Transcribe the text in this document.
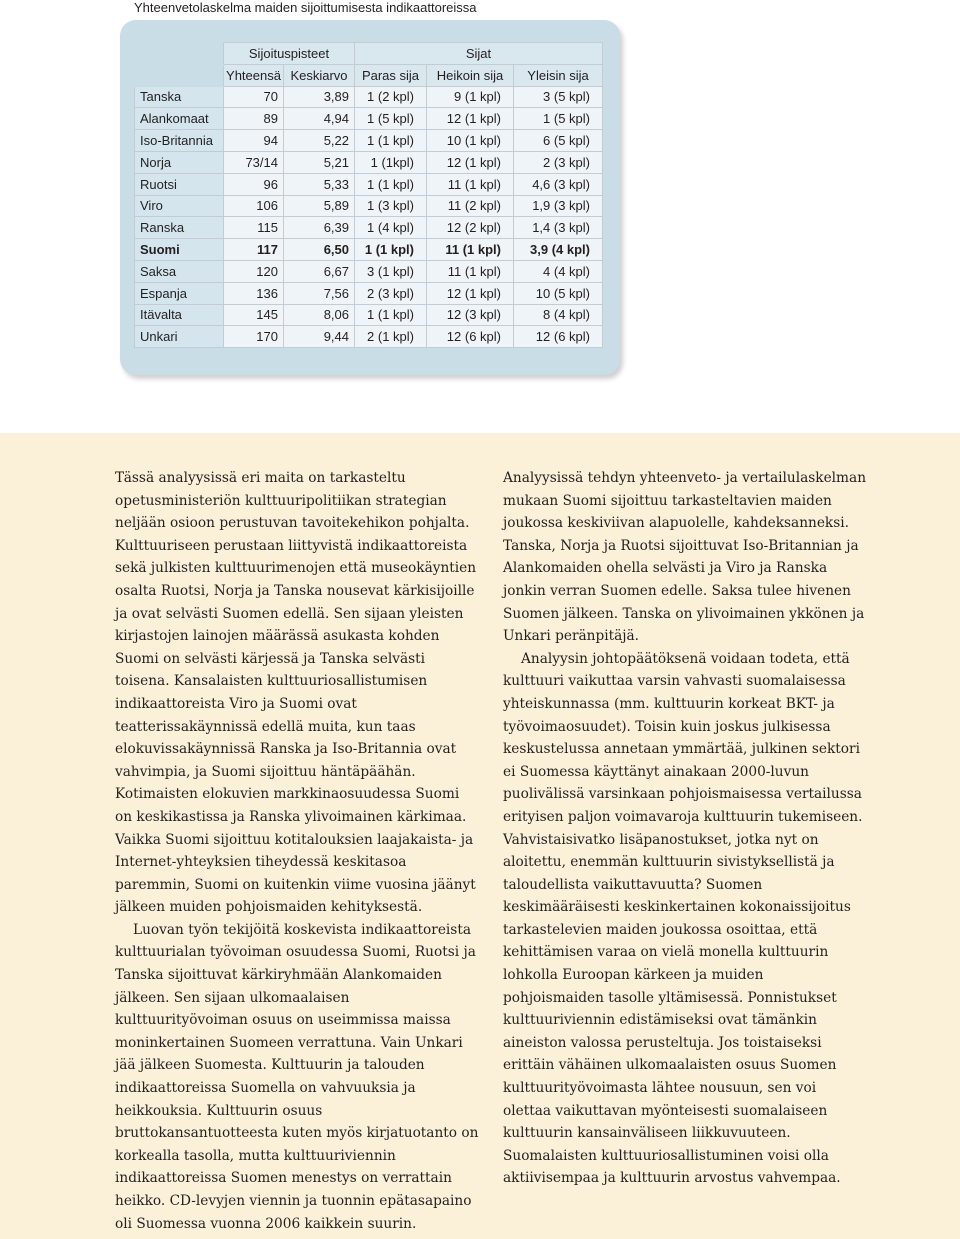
Yhteenvetolaskelma maiden sijoittumisesta indikaattoreissa
	Sijoituspisteet		Sijat		
	Yhteensä	Keskiarvo	Paras sija	Heikoin sija	Yleisin sija
Tanska	70	3,89	1 (2 kpl)	9 (1 kpl)	3 (5 kpl)
Alankomaat	89	4,94	1 (5 kpl)	12 (1 kpl)	1 (5 kpl)
Iso-Britannia	94	5,22	1 (1 kpl)	10 (1 kpl)	6 (5 kpl)
Norja	73/14	5,21	1 (1kpl)	12 (1 kpl)	2 (3 kpl)
Ruotsi	96	5,33	1 (1 kpl)	11 (1 kpl)	4,6 (3 kpl)
Viro	106	5,89	1 (3 kpl)	11 (2 kpl)	1,9 (3 kpl)
Ranska	115	6,39	1 (4 kpl)	12 (2 kpl)	1,4 (3 kpl)
Suomi	117	6,50	1 (1 kpl)	11 (1 kpl)	3,9 (4 kpl)
Saksa	120	6,67	3 (1 kpl)	11 (1 kpl)	4 (4 kpl)
Espanja	136	7,56	2 (3 kpl)	12 (1 kpl)	10 (5 kpl)
Itävalta	145	8,06	1 (1 kpl)	12 (3 kpl)	8 (4 kpl)
Unkari	170	9,44	2 (1 kpl)	12 (6 kpl)	12 (6 kpl)

Tässä analyysissä eri maita on tarkasteltu opetusministeriön kulttuuripolitiikan strategian neljään osioon perustuvan tavoitekehikon pohjalta. Kulttuuriseen perustaan liittyvistä indikaattoreista sekä julkisten kulttuurimenojen että museokäyntien osalta Ruotsi, Norja ja Tanska nousevat kärkisijoille ja ovat selvästi Suomen edellä. Sen sijaan yleisten kirjastojen lainojen määrässä asukasta kohden Suomi on selvästi kärjessä ja Tanska selvästi toisena. Kansalaisten kulttuuriosallistumisen indikaattoreista Viro ja Suomi ovat teatterissakäynnissä edellä muita, kun taas elokuvissakäynnissä Ranska ja Iso-Britannia ovat vahvimpia, ja Suomi sijoittuu häntäpäähän. Kotimaisten elokuvien markkinaosuudessa Suomi on keskikastissa ja Ranska ylivoimainen kärkimaa. Vaikka Suomi sijoittuu kotitalouksien laajakaista- ja Internet-yhteyksien tiheydessä keskitasoa paremmin, Suomi on kuitenkin viime vuosina jäänyt jälkeen muiden pohjoismaiden kehityksestä.

Luovan työn tekijöitä koskevista indikaattoreista kulttuurialan työvoiman osuudessa Suomi, Ruotsi ja Tanska sijoittuvat kärkiryhmään Alankomaiden jälkeen. Sen sijaan ulkomaalaisen kulttuurityövoiman osuus on useimmissa maissa moninkertainen Suomeen verrattuna. Vain Unkari jää jälkeen Suomesta. Kulttuurin ja talouden indikaattoreissa Suomella on vahvuuksia ja heikkouksia. Kulttuurin osuus bruttokansantuotteesta kuten myös kirjatuotanto on korkealla tasolla, mutta kulttuuriviennin indikaattoreissa Suomen menestys on verrattain heikko. CD-levyjen viennin ja tuonnin epätasapaino oli Suomessa vuonna 2006 kaikkein suurin.

Analyysissä tehdyn yhteenveto- ja vertailulaskelman mukaan Suomi sijoittuu tarkasteltavien maiden joukossa keskiviivan alapuolelle, kahdeksanneksi. Tanska, Norja ja Ruotsi sijoittuvat Iso-Britannian ja Alankomaiden ohella selvästi ja Viro ja Ranska jonkin verran Suomen edelle. Saksa tulee hivenen Suomen jälkeen. Tanska on ylivoimainen ykkönen ja Unkari peränpitäjä.

Analyysin johtopäätöksenä voidaan todeta, että kulttuuri vaikuttaa varsin vahvasti suomalaisessa yhteiskunnassa (mm. kulttuurin korkeat BKT- ja työvoimaosuudet). Toisin kuin joskus julkisessa keskustelussa annetaan ymmärtää, julkinen sektori ei Suomessa käyttänyt ainakaan 2000-luvun puolivälissä varsinkaan pohjoismaisessa vertailussa erityisen paljon voimavaroja kulttuurin tukemiseen. Vahvistaisivatko lisäpanostukset, jotka nyt on aloitettu, enemmän kulttuurin sivistyksellistä ja taloudellista vaikuttavuutta? Suomen keskimääräisesti keskinkertainen kokonaissijoitus tarkastelevien maiden joukossa osoittaa, että kehittämisen varaa on vielä monella kulttuurin lohkolla Euroopan kärkeen ja muiden pohjoismaiden tasolle yltämisessä. Ponnistukset kulttuuriviennin edistämiseksi ovat tämänkin aineiston valossa perusteltuja. Jos toistaiseksi erittäin vähäinen ulkomaalaisten osuus Suomen kulttuurityövoimasta lähtee nousuun, sen voi olettaa vaikuttavan myönteisesti suomalaiseen kulttuurin kansainväliseen liikkuvuuteen. Suomalaisten kulttuuriosallistuminen voisi olla aktiivisempaa ja kulttuurin arvostus vahvempaa.
